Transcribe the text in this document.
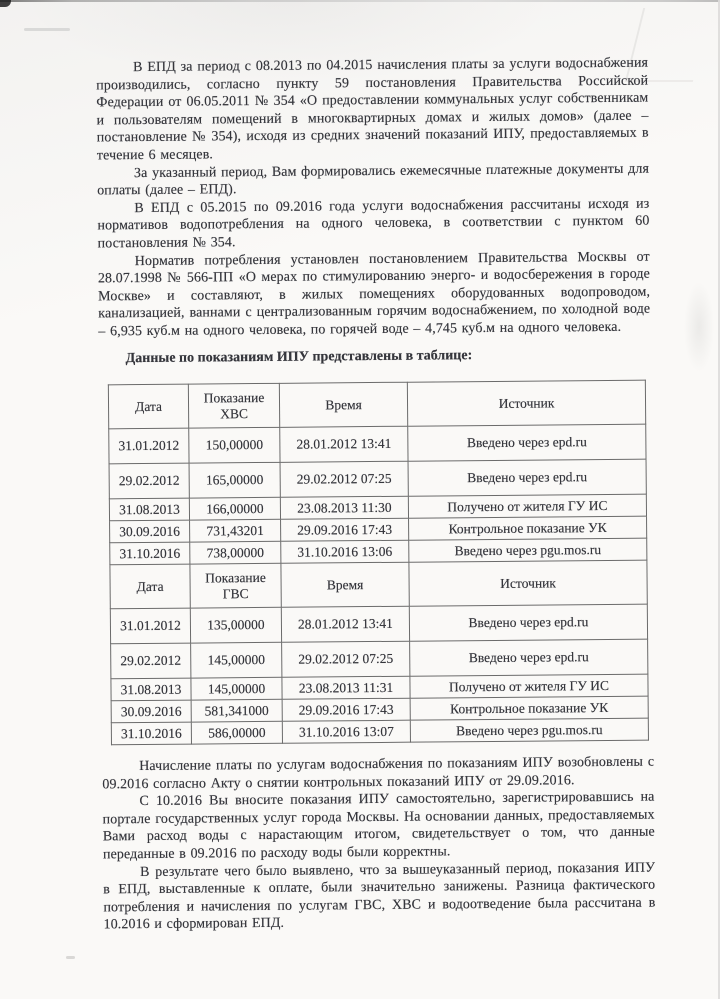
В ЕПД за период с 08.2013 по 04.2015 начисления платы за услуги водоснабжения производились, согласно пункту 59 постановления Правительства Российской Федерации от 06.05.2011 № 354 «О предоставлении коммунальных услуг собственникам и пользователям помещений в многоквартирных домах и жилых домов» (далее – постановление № 354), исходя из средних значений показаний ИПУ, предоставляемых в течение 6 месяцев.

За указанный период, Вам формировались ежемесячные платежные документы для оплаты (далее – ЕПД).

В ЕПД с 05.2015 по 09.2016 года услуги водоснабжения рассчитаны исходя из нормативов водопотребления на одного человека, в соответствии с пунктом 60 постановления № 354.

Норматив потребления установлен постановлением Правительства Москвы от 28.07.1998 № 566-ПП «О мерах по стимулированию энерго- и водосбережения в городе Москве» и составляют, в жилых помещениях оборудованных водопроводом, канализацией, ваннами с централизованным горячим водоснабжением, по холодной воде – 6,935 куб.м на одного человека, по горячей воде – 4,745 куб.м на одного человека.

Данные по показаниям ИПУ представлены в таблице:

Дата	Показание ХВС	Время	Источник
31.01.2012	150,00000	28.01.2012 13:41	Введено через epd.ru
29.02.2012	165,00000	29.02.2012 07:25	Введено через epd.ru
31.08.2013	166,00000	23.08.2013 11:30	Получено от жителя ГУ ИС
30.09.2016	731,43201	29.09.2016 17:43	Контрольное показание УК
31.10.2016	738,00000	31.10.2016 13:06	Введено через pgu.mos.ru
Дата	Показание ГВС	Время	Источник
31.01.2012	135,00000	28.01.2012 13:41	Введено через epd.ru
29.02.2012	145,00000	29.02.2012 07:25	Введено через epd.ru
31.08.2013	145,00000	23.08.2013 11:31	Получено от жителя ГУ ИС
30.09.2016	581,341000	29.09.2016 17:43	Контрольное показание УК
31.10.2016	586,00000	31.10.2016 13:07	Введено через pgu.mos.ru

Начисление платы по услугам водоснабжения по показаниям ИПУ возобновлены с 09.2016 согласно Акту о снятии контрольных показаний ИПУ от 29.09.2016.

С 10.2016 Вы вносите показания ИПУ самостоятельно, зарегистрировавшись на портале государственных услуг города Москвы. На основании данных, предоставляемых Вами расход воды с нарастающим итогом, свидетельствует о том, что данные переданные в 09.2016 по расходу воды были корректны.

В результате чего было выявлено, что за вышеуказанный период, показания ИПУ в ЕПД, выставленные к оплате, были значительно занижены. Разница фактического потребления и начисления по услугам ГВС, ХВС и водоотведение была рассчитана в 10.2016 и сформирован ЕПД.
